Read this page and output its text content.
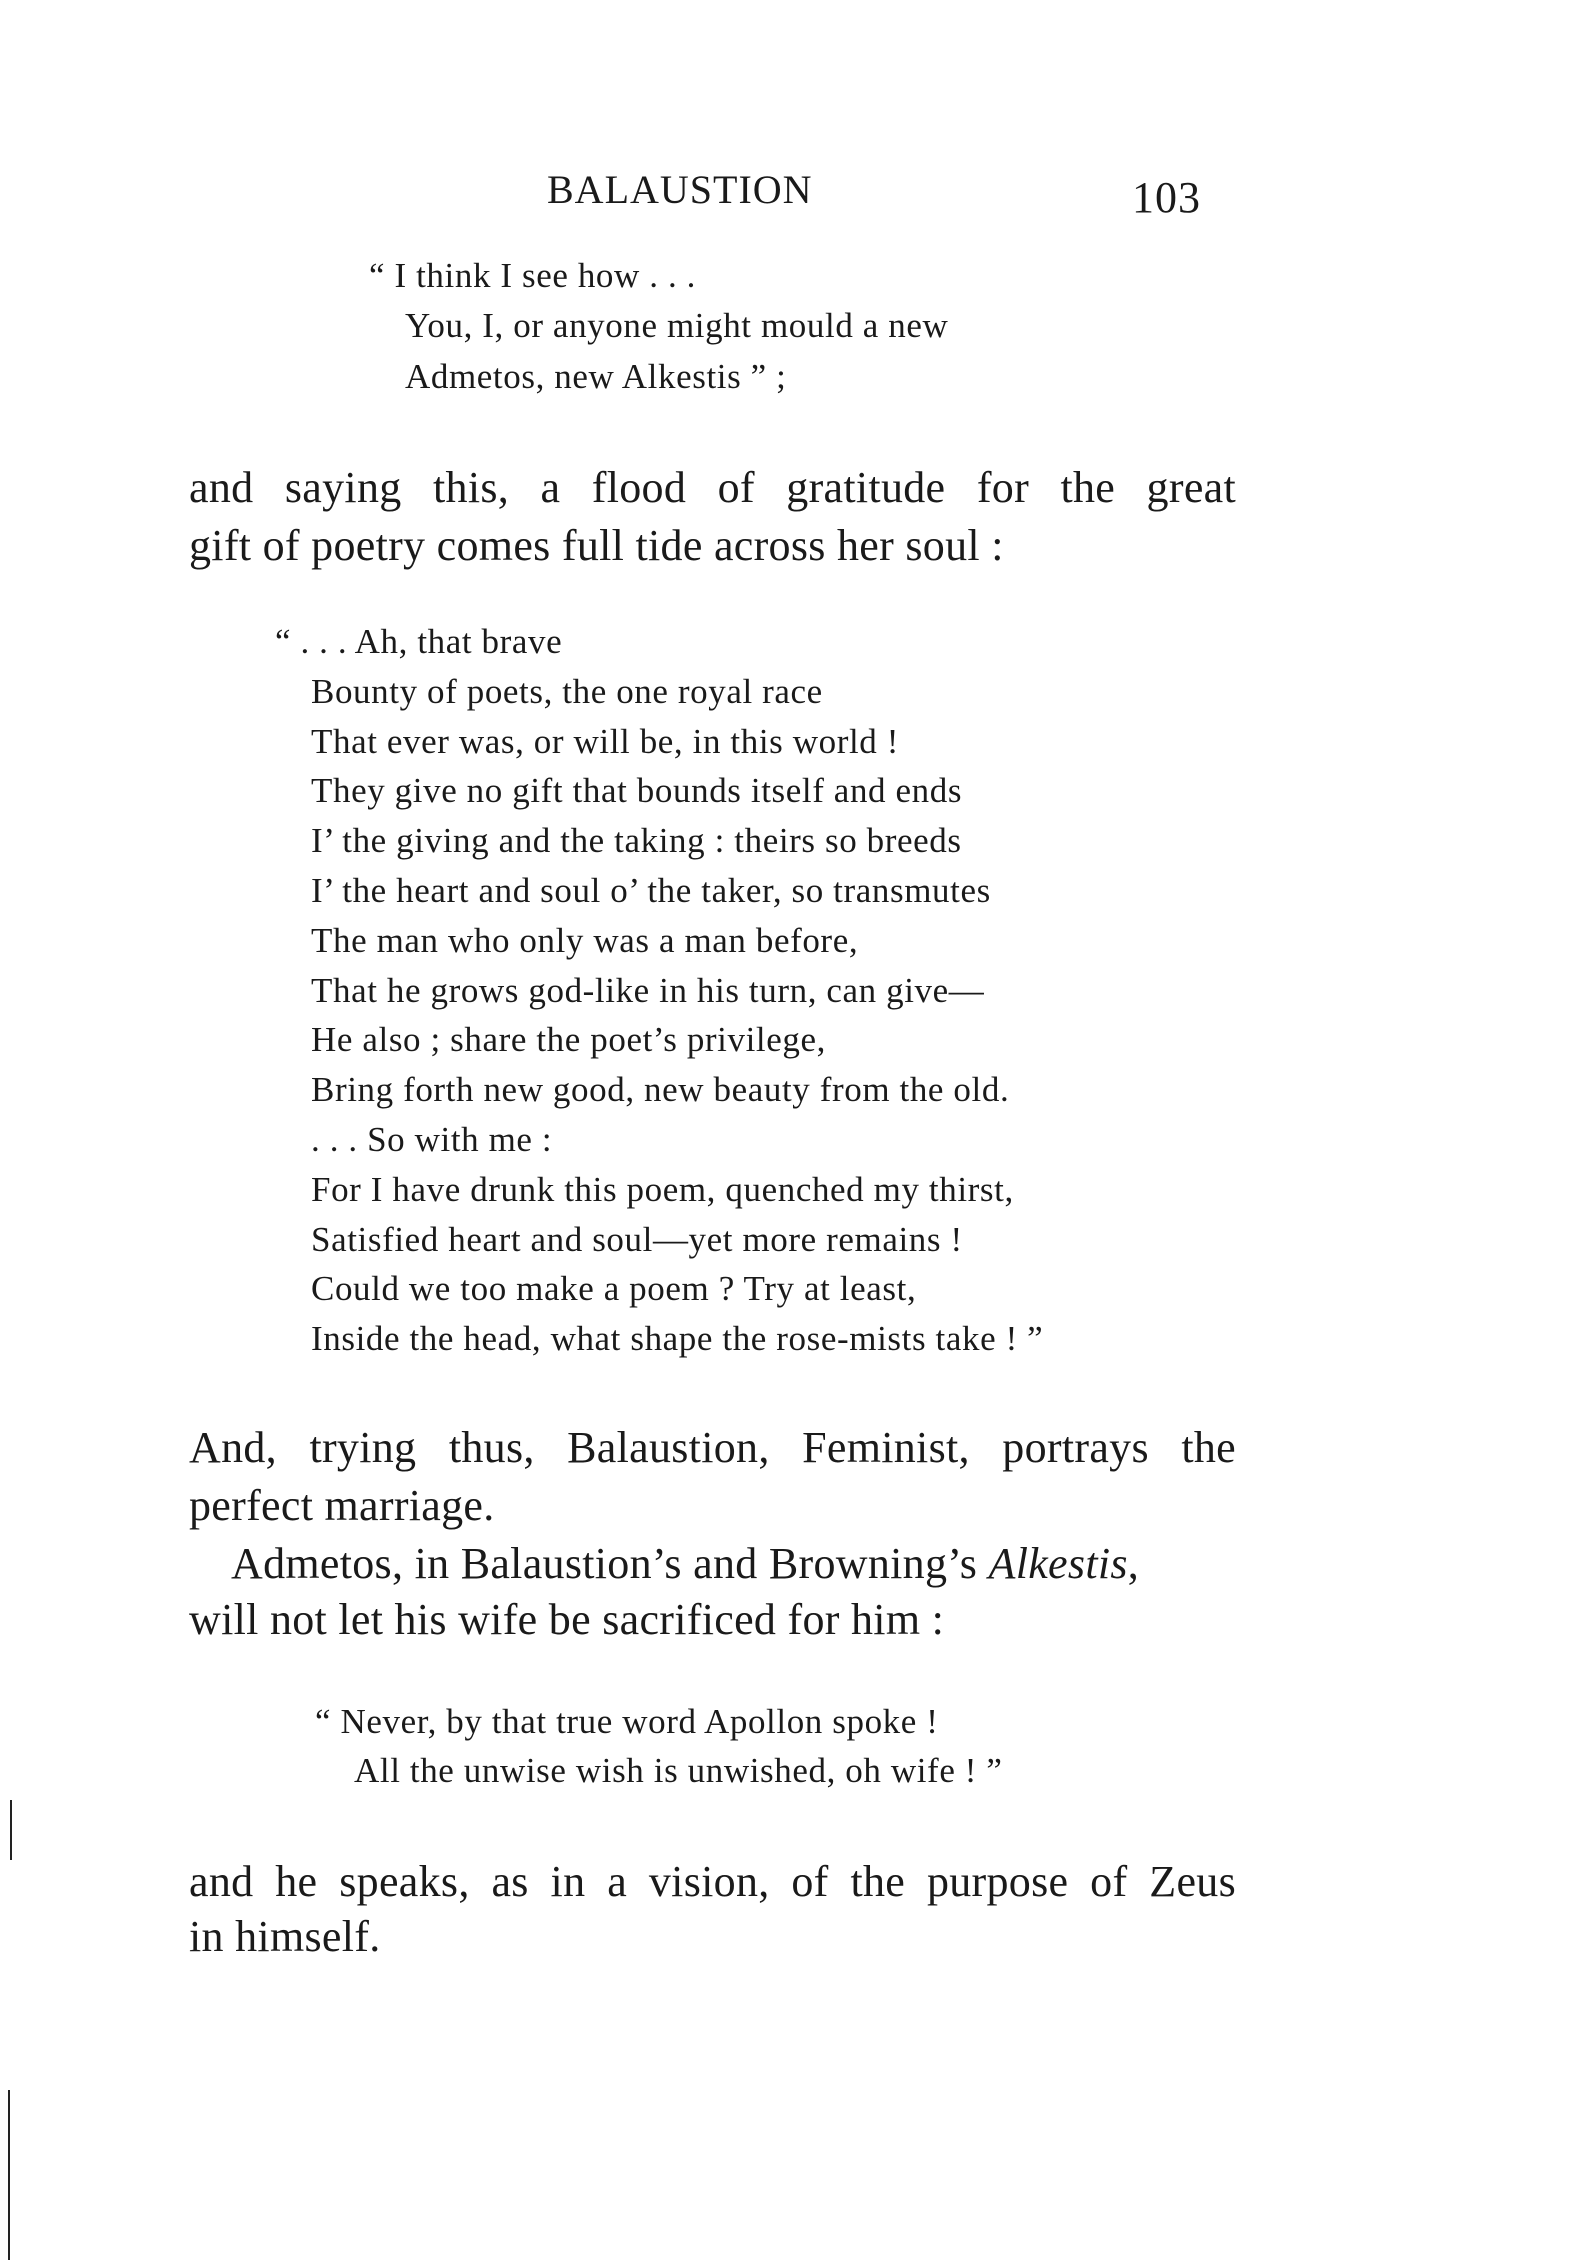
BALAUSTION	103
“ I think I see how . . .
You, I, or anyone might mould a new
Admetos, new Alkestis ” ;
and saying this, a flood of gratitude for the great
gift of poetry comes full tide across her soul :
“ . . . Ah, that brave
Bounty of poets, the one royal race
That ever was, or will be, in this world !
They give no gift that bounds itself and ends
I’ the giving and the taking : theirs so breeds
I’ the heart and soul o’ the taker, so transmutes
The man who only was a man before,
That he grows god-like in his turn, can give—
He also ; share the poet’s privilege,
Bring forth new good, new beauty from the old.
. . . So with me :
For I have drunk this poem, quenched my thirst,
Satisfied heart and soul—yet more remains !
Could we too make a poem ? Try at least,
Inside the head, what shape the rose-mists take ! ”
And, trying thus, Balaustion, Feminist, portrays the
perfect marriage.
Admetos, in Balaustion’s and Browning’s Alkestis,
will not let his wife be sacrificed for him :
“ Never, by that true word Apollon spoke !
All the unwise wish is unwished, oh wife ! ”
and he speaks, as in a vision, of the purpose of Zeus
in himself.
